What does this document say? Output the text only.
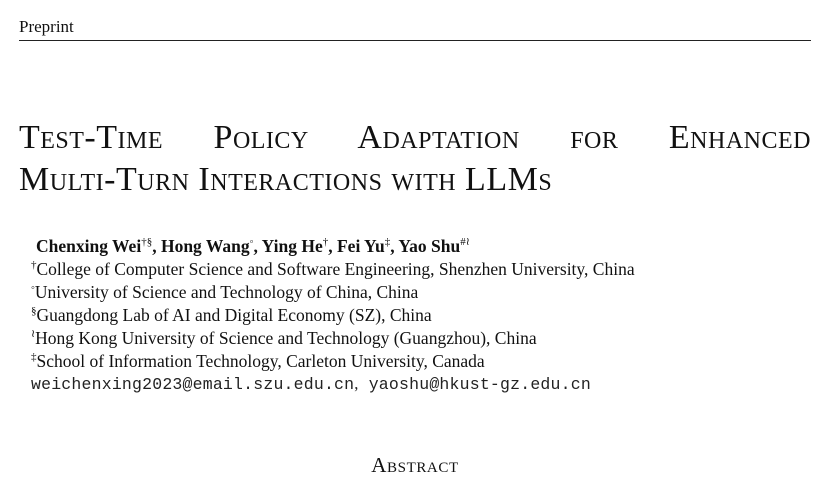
Preprint
Test-Time Policy Adaptation for Enhanced
Multi-Turn Interactions with LLMs
Chenxing Wei†§, Hong Wang◦, Ying He†, Fei Yu‡, Yao Shu#≀
†College of Computer Science and Software Engineering, Shenzhen University, China
◦University of Science and Technology of China, China
§Guangdong Lab of AI and Digital Economy (SZ), China
≀Hong Kong University of Science and Technology (Guangzhou), China
‡School of Information Technology, Carleton University, Canada
weichenxing2023@email.szu.edu.cn, yaoshu@hkust-gz.edu.cn
Abstract
